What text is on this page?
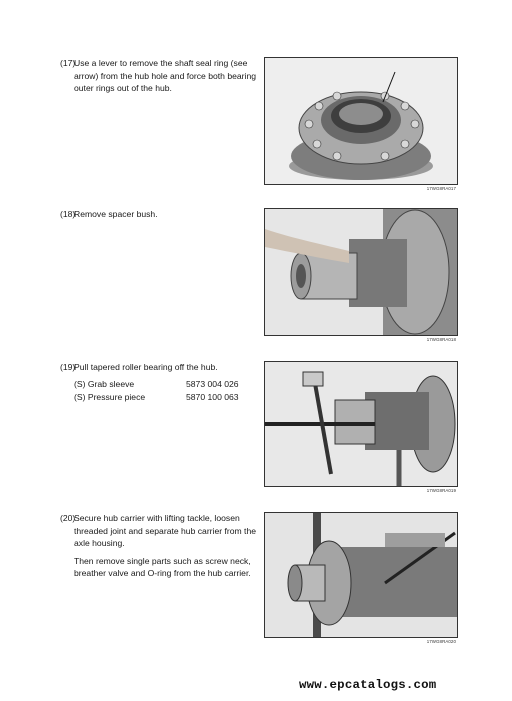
(17)
Use a lever to remove the shaft seal ring (see arrow) from the hub hole and force both bearing outer rings out of the hub.
17WG8RA017
(18)
Remove spacer bush.
17WG8RA018
(19)
Pull tapered roller bearing off the hub.
(S) Grab sleeve	5873 004 026
(S) Pressure piece	5870 100 063
17WG8RA019
(20)
Secure hub carrier with lifting tackle, loosen threaded joint and separate hub carrier from the axle housing.
Then remove single parts such as screw neck, breather valve and O-ring from the hub carrier.
17WG8RA020
www.epcatalogs.com
